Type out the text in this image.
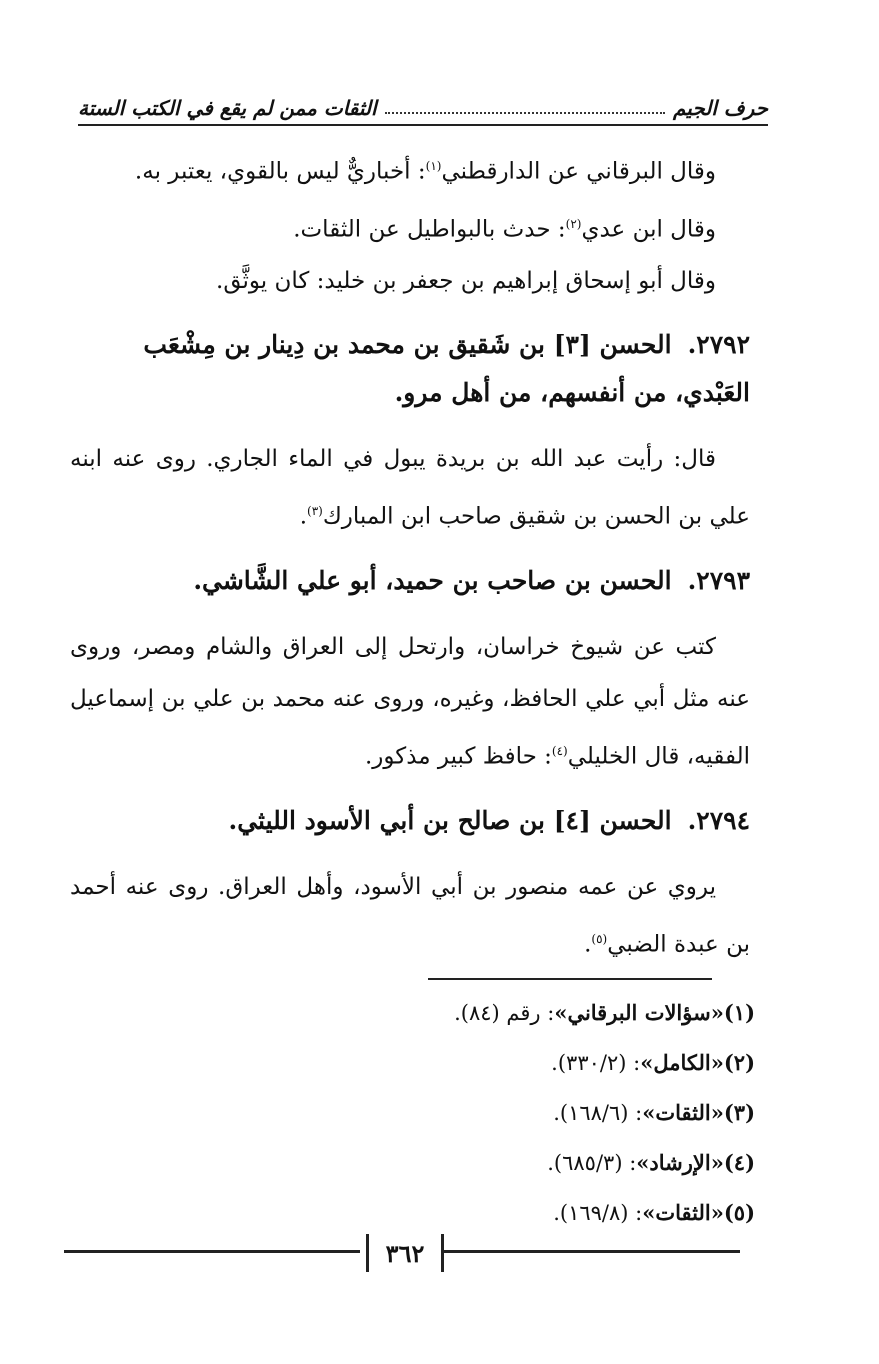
حرف الجيم
الثقات ممن لم يقع في الكتب الستة

وقال البرقاني عن الدارقطني$^{(١)}$: أخباريٌّ ليس بالقوي، يعتبر به.

وقال ابن عدي$^{(٢)}$: حدث بالبواطيل عن الثقات.

وقال أبو إسحاق إبراهيم بن جعفر بن خليد: كان يوثَّق.

٢٧٩٢.الحسن [٣] بن شَقيق بن محمد بن دِينار بن مِشْعَب العَبْدي، من أنفسهم، من أهل مرو.

قال: رأيت عبد الله بن بريدة يبول في الماء الجاري. روى عنه ابنه علي بن الحسن بن شقيق صاحب ابن المبارك$^{(٣)}$.

٢٧٩٣.الحسن بن صاحب بن حميد، أبو علي الشَّاشي.

كتب عن شيوخ خراسان، وارتحل إلى العراق والشام ومصر، وروى عنه مثل أبي علي الحافظ، وغيره، وروى عنه محمد بن علي بن إسماعيل الفقيه، قال الخليلي$^{(٤)}$: حافظ كبير مذكور.

٢٧٩٤.الحسن [٤] بن صالح بن أبي الأسود الليثي.

يروي عن عمه منصور بن أبي الأسود، وأهل العراق. روى عنه أحمد بن عبدة الضبي$^{(٥)}$.

(١)«سؤالات البرقاني»: رقم (٨٤).

(٢)«الكامل»: (٣٣٠/٢).

(٣)«الثقات»: (١٦٨/٦).

(٤)«الإرشاد»: (٦٨٥/٣).

(٥)«الثقات»: (١٦٩/٨).

٣٦٢
